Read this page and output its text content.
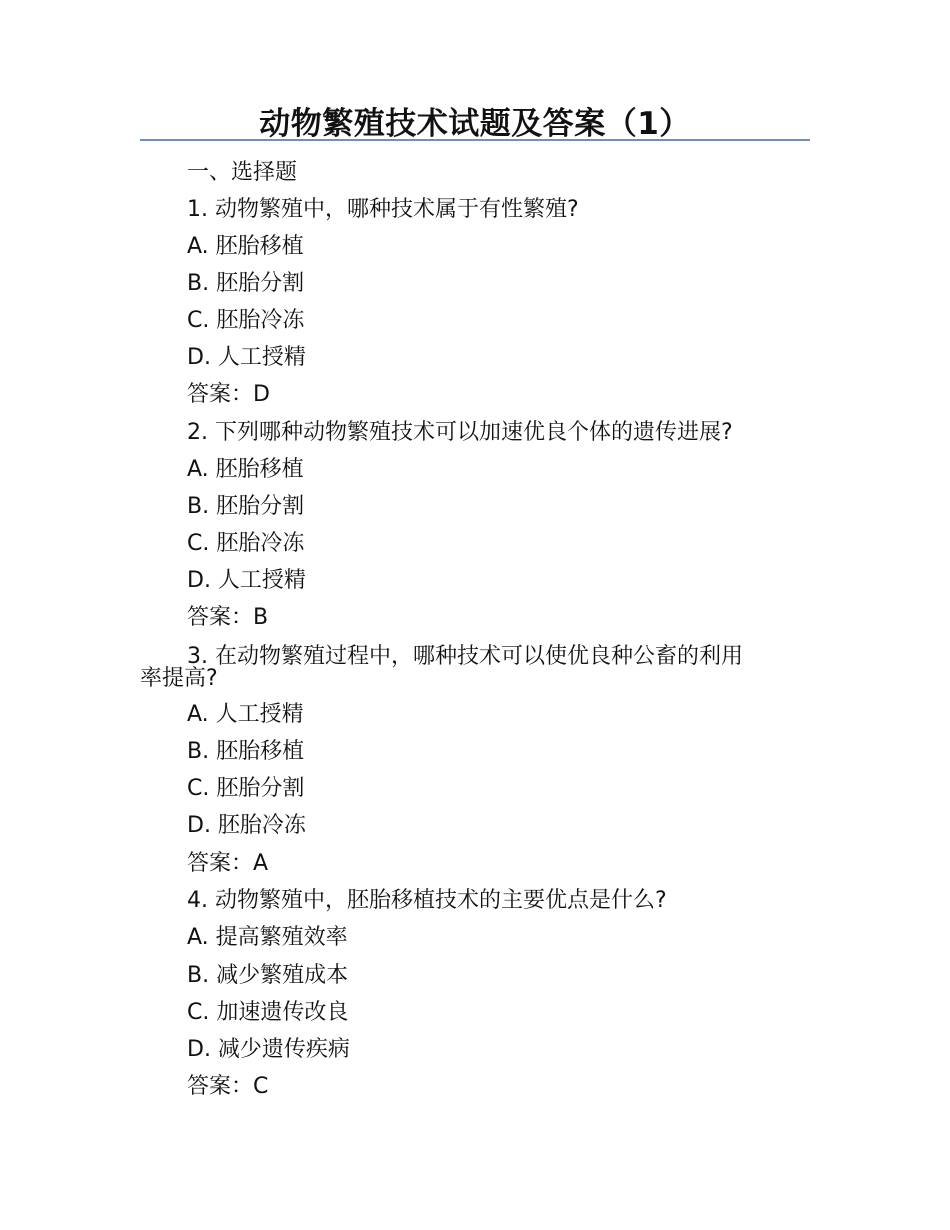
动物繁殖技术试题及答案（1）
一、选择题
1. 动物繁殖中，哪种技术属于有性繁殖?
A. 胚胎移植
B. 胚胎分割
C. 胚胎冷冻
D. 人工授精
答案：D
2. 下列哪种动物繁殖技术可以加速优良个体的遗传进展?
A. 胚胎移植
B. 胚胎分割
C. 胚胎冷冻
D. 人工授精
答案：B
3. 在动物繁殖过程中，哪种技术可以使优良种公畜的利用
率提高?
A. 人工授精
B. 胚胎移植
C. 胚胎分割
D. 胚胎冷冻
答案：A
4. 动物繁殖中，胚胎移植技术的主要优点是什么?
A. 提高繁殖效率
B. 减少繁殖成本
C. 加速遗传改良
D. 减少遗传疾病
答案：C
